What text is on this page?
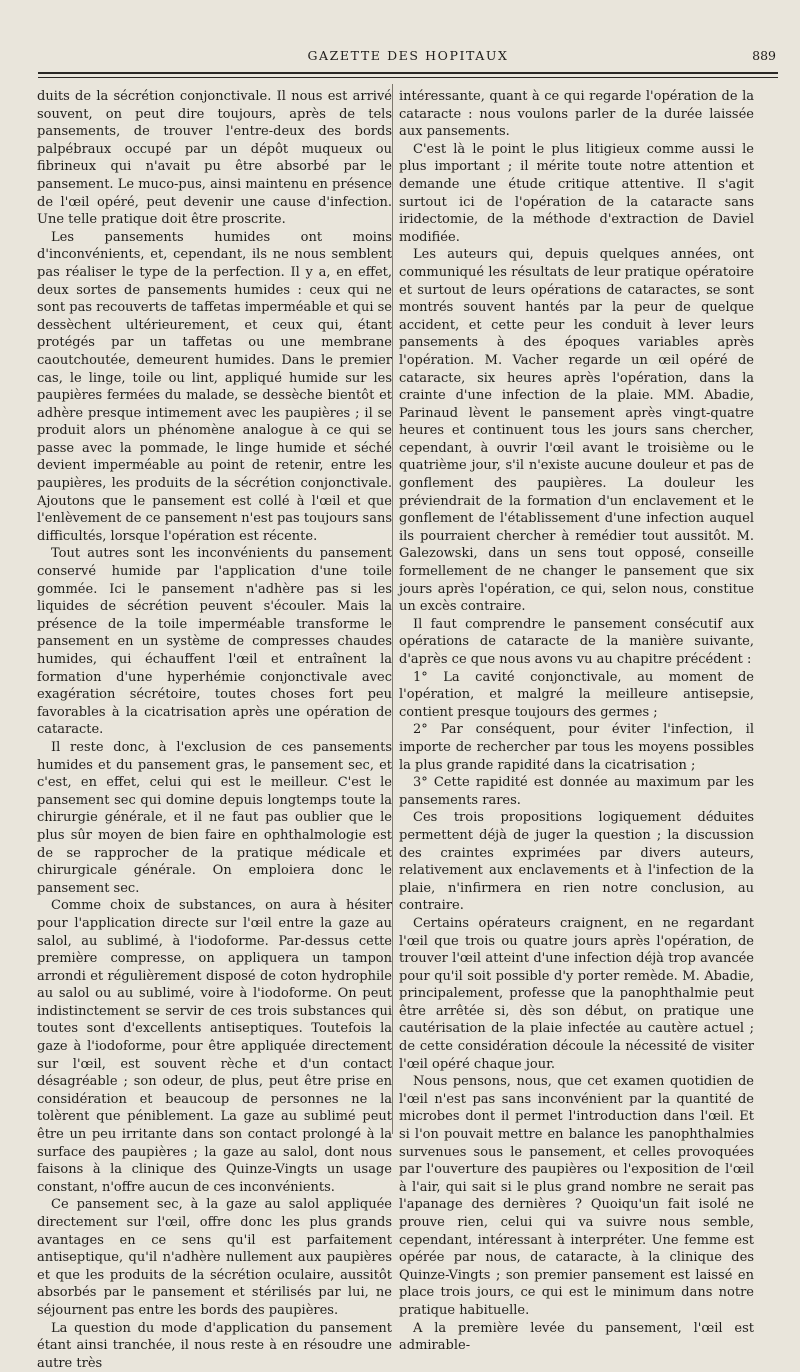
GAZETTE DES HOPITAUX	889

duits de la sécrétion conjonctivale. Il nous est arrivé souvent, on peut dire toujours, après de tels pansements, de trouver l'entre-deux des bords palpébraux occupé par un dépôt muqueux ou fibrineux qui n'avait pu être absorbé par le pansement. Le muco-pus, ainsi maintenu en présence de l'œil opéré, peut devenir une cause d'infection. Une telle pratique doit être proscrite.

Les pansements humides ont moins d'inconvénients, et, cependant, ils ne nous semblent pas réaliser le type de la perfection. Il y a, en effet, deux sortes de pansements humides : ceux qui ne sont pas recouverts de taffetas imperméable et qui se dessèchent ultérieurement, et ceux qui, étant protégés par un taffetas ou une membrane caoutchoutée, demeurent humides. Dans le premier cas, le linge, toile ou lint, appliqué humide sur les paupières fermées du malade, se dessèche bientôt et adhère presque intimement avec les paupières ; il se produit alors un phénomène analogue à ce qui se passe avec la pommade, le linge humide et séché devient imperméable au point de retenir, entre les paupières, les produits de la sécrétion conjonctivale. Ajoutons que le pansement est collé à l'œil et que l'enlèvement de ce pansement n'est pas toujours sans difficultés, lorsque l'opération est récente.

Tout autres sont les inconvénients du pansement conservé humide par l'application d'une toile gommée. Ici le pansement n'adhère pas si les liquides de sécrétion peuvent s'écouler. Mais la présence de la toile imperméable transforme le pansement en un système de compresses chaudes humides, qui échauffent l'œil et entraînent la formation d'une hyperhémie conjonctivale avec exagération sécrétoire, toutes choses fort peu favorables à la cicatrisation après une opération de cataracte.

Il reste donc, à l'exclusion de ces pansements humides et du pansement gras, le pansement sec, et c'est, en effet, celui qui est le meilleur. C'est le pansement sec qui domine depuis longtemps toute la chirurgie générale, et il ne faut pas oublier que le plus sûr moyen de bien faire en ophthalmologie est de se rapprocher de la pratique médicale et chirurgicale générale. On emploiera donc le pansement sec.

Comme choix de substances, on aura à hésiter pour l'application directe sur l'œil entre la gaze au salol, au sublimé, à l'iodoforme. Par-dessus cette première compresse, on appliquera un tampon arrondi et régulièrement disposé de coton hydrophile au salol ou au sublimé, voire à l'iodoforme. On peut indistinctement se servir de ces trois substances qui toutes sont d'excellents antiseptiques. Toutefois la gaze à l'iodoforme, pour être appliquée directement sur l'œil, est souvent rèche et d'un contact désagréable ; son odeur, de plus, peut être prise en considération et beaucoup de personnes ne la tolèrent que péniblement. La gaze au sublimé peut être un peu irritante dans son contact prolongé à la surface des paupières ; la gaze au salol, dont nous faisons à la clinique des Quinze-Vingts un usage constant, n'offre aucun de ces inconvénients.

Ce pansement sec, à la gaze au salol appliquée directement sur l'œil, offre donc les plus grands avantages en ce sens qu'il est parfaitement antiseptique, qu'il n'adhère nullement aux paupières et que les produits de la sécrétion oculaire, aussitôt absorbés par le pansement et stérilisés par lui, ne séjournent pas entre les bords des paupières.

La question du mode d'application du pansement étant ainsi tranchée, il nous reste à en résoudre une autre très

intéressante, quant à ce qui regarde l'opération de la cataracte : nous voulons parler de la durée laissée aux pansements.

C'est là le point le plus litigieux comme aussi le plus important ; il mérite toute notre attention et demande une étude critique attentive. Il s'agit surtout ici de l'opération de la cataracte sans iridectomie, de la méthode d'extraction de Daviel modifiée.

Les auteurs qui, depuis quelques années, ont communiqué les résultats de leur pratique opératoire et surtout de leurs opérations de cataractes, se sont montrés souvent hantés par la peur de quelque accident, et cette peur les conduit à lever leurs pansements à des époques variables après l'opération. M. Vacher regarde un œil opéré de cataracte, six heures après l'opération, dans la crainte d'une infection de la plaie. MM. Abadie, Parinaud lèvent le pansement après vingt-quatre heures et continuent tous les jours sans chercher, cependant, à ouvrir l'œil avant le troisième ou le quatrième jour, s'il n'existe aucune douleur et pas de gonflement des paupières. La douleur les préviendrait de la formation d'un enclavement et le gonflement de l'établissement d'une infection auquel ils pourraient chercher à remédier tout aussitôt. M. Galezowski, dans un sens tout opposé, conseille formellement de ne changer le pansement que six jours après l'opération, ce qui, selon nous, constitue un excès contraire.

Il faut comprendre le pansement consécutif aux opérations de cataracte de la manière suivante, d'après ce que nous avons vu au chapitre précédent :

1° La cavité conjonctivale, au moment de l'opération, et malgré la meilleure antisepsie, contient presque toujours des germes ;

2° Par conséquent, pour éviter l'infection, il importe de rechercher par tous les moyens possibles la plus grande rapidité dans la cicatrisation ;

3° Cette rapidité est donnée au maximum par les pansements rares.

Ces trois propositions logiquement déduites permettent déjà de juger la question ; la discussion des craintes exprimées par divers auteurs, relativement aux enclavements et à l'infection de la plaie, n'infirmera en rien notre conclusion, au contraire.

Certains opérateurs craignent, en ne regardant l'œil que trois ou quatre jours après l'opération, de trouver l'œil atteint d'une infection déjà trop avancée pour qu'il soit possible d'y porter remède. M. Abadie, principalement, professe que la panophthalmie peut être arrêtée si, dès son début, on pratique une cautérisation de la plaie infectée au cautère actuel ; de cette considération découle la nécessité de visiter l'œil opéré chaque jour.

Nous pensons, nous, que cet examen quotidien de l'œil n'est pas sans inconvénient par la quantité de microbes dont il permet l'introduction dans l'œil. Et si l'on pouvait mettre en balance les panophthalmies survenues sous le pansement, et celles provoquées par l'ouverture des paupières ou l'exposition de l'œil à l'air, qui sait si le plus grand nombre ne serait pas l'apanage des dernières ? Quoiqu'un fait isolé ne prouve rien, celui qui va suivre nous semble, cependant, intéressant à interpréter. Une femme est opérée par nous, de cataracte, à la clinique des Quinze-Vingts ; son premier pansement est laissé en place trois jours, ce qui est le minimum dans notre pratique habituelle.

A la première levée du pansement, l'œil est admirable-
